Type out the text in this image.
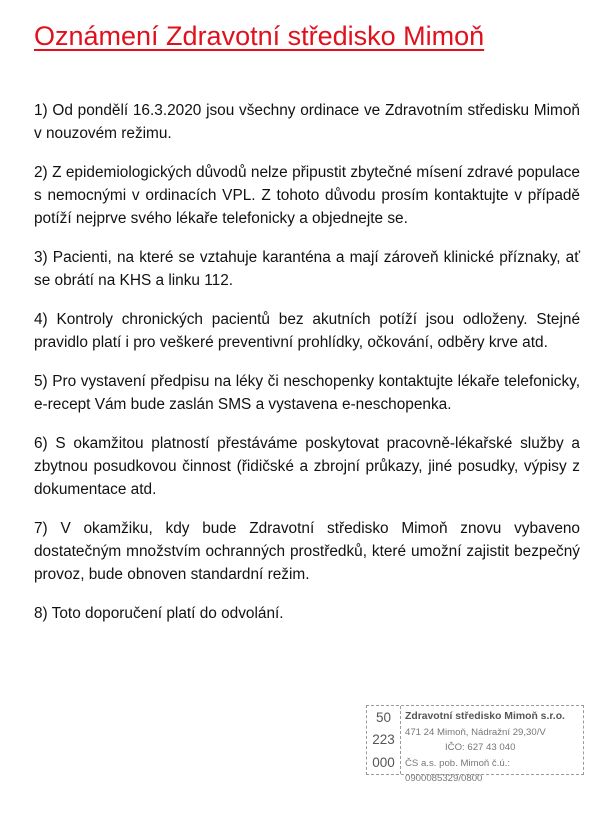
Oznámení Zdravotní středisko Mimoň
1) Od pondělí 16.3.2020 jsou všechny ordinace ve Zdravotním středisku Mimoň v nouzovém režimu.
2) Z epidemiologických důvodů nelze připustit zbytečné mísení zdravé populace s nemocnými v ordinacích VPL. Z tohoto důvodu prosím kontaktujte v případě potíží nejprve svého lékaře telefonicky a objednejte se.
3) Pacienti, na které se vztahuje karanténa a mají zároveň klinické příznaky, ať se obrátí na KHS a linku 112.
4) Kontroly chronických pacientů bez akutních potíží jsou odloženy. Stejné pravidlo platí i pro veškeré preventivní prohlídky, očkování, odběry krve atd.
5) Pro vystavení předpisu na léky či neschopenky kontaktujte lékaře telefonicky, e-recept Vám bude zaslán SMS a vystavena e-neschopenka.
6) S okamžitou platností přestáváme poskytovat pracovně-lékařské služby a zbytnou posudkovou činnost (řidičské a zbrojní průkazy, jiné posudky, výpisy z dokumentace atd.
7) V okamžiku, kdy bude Zdravotní středisko Mimoň znovu vybaveno dostatečným množstvím ochranných prostředků, které umožní zajistit bezpečný provoz, bude obnoven standardní režim.
8) Toto doporučení platí do odvolání.
50
223
000
Zdravotní středisko Mimoň s.r.o.
471 24 Mimoň, Nádražní 29,30/V
IČO: 627 43 040
ČS a.s. pob. Mimoň č.ú.: 0900085329/0800
